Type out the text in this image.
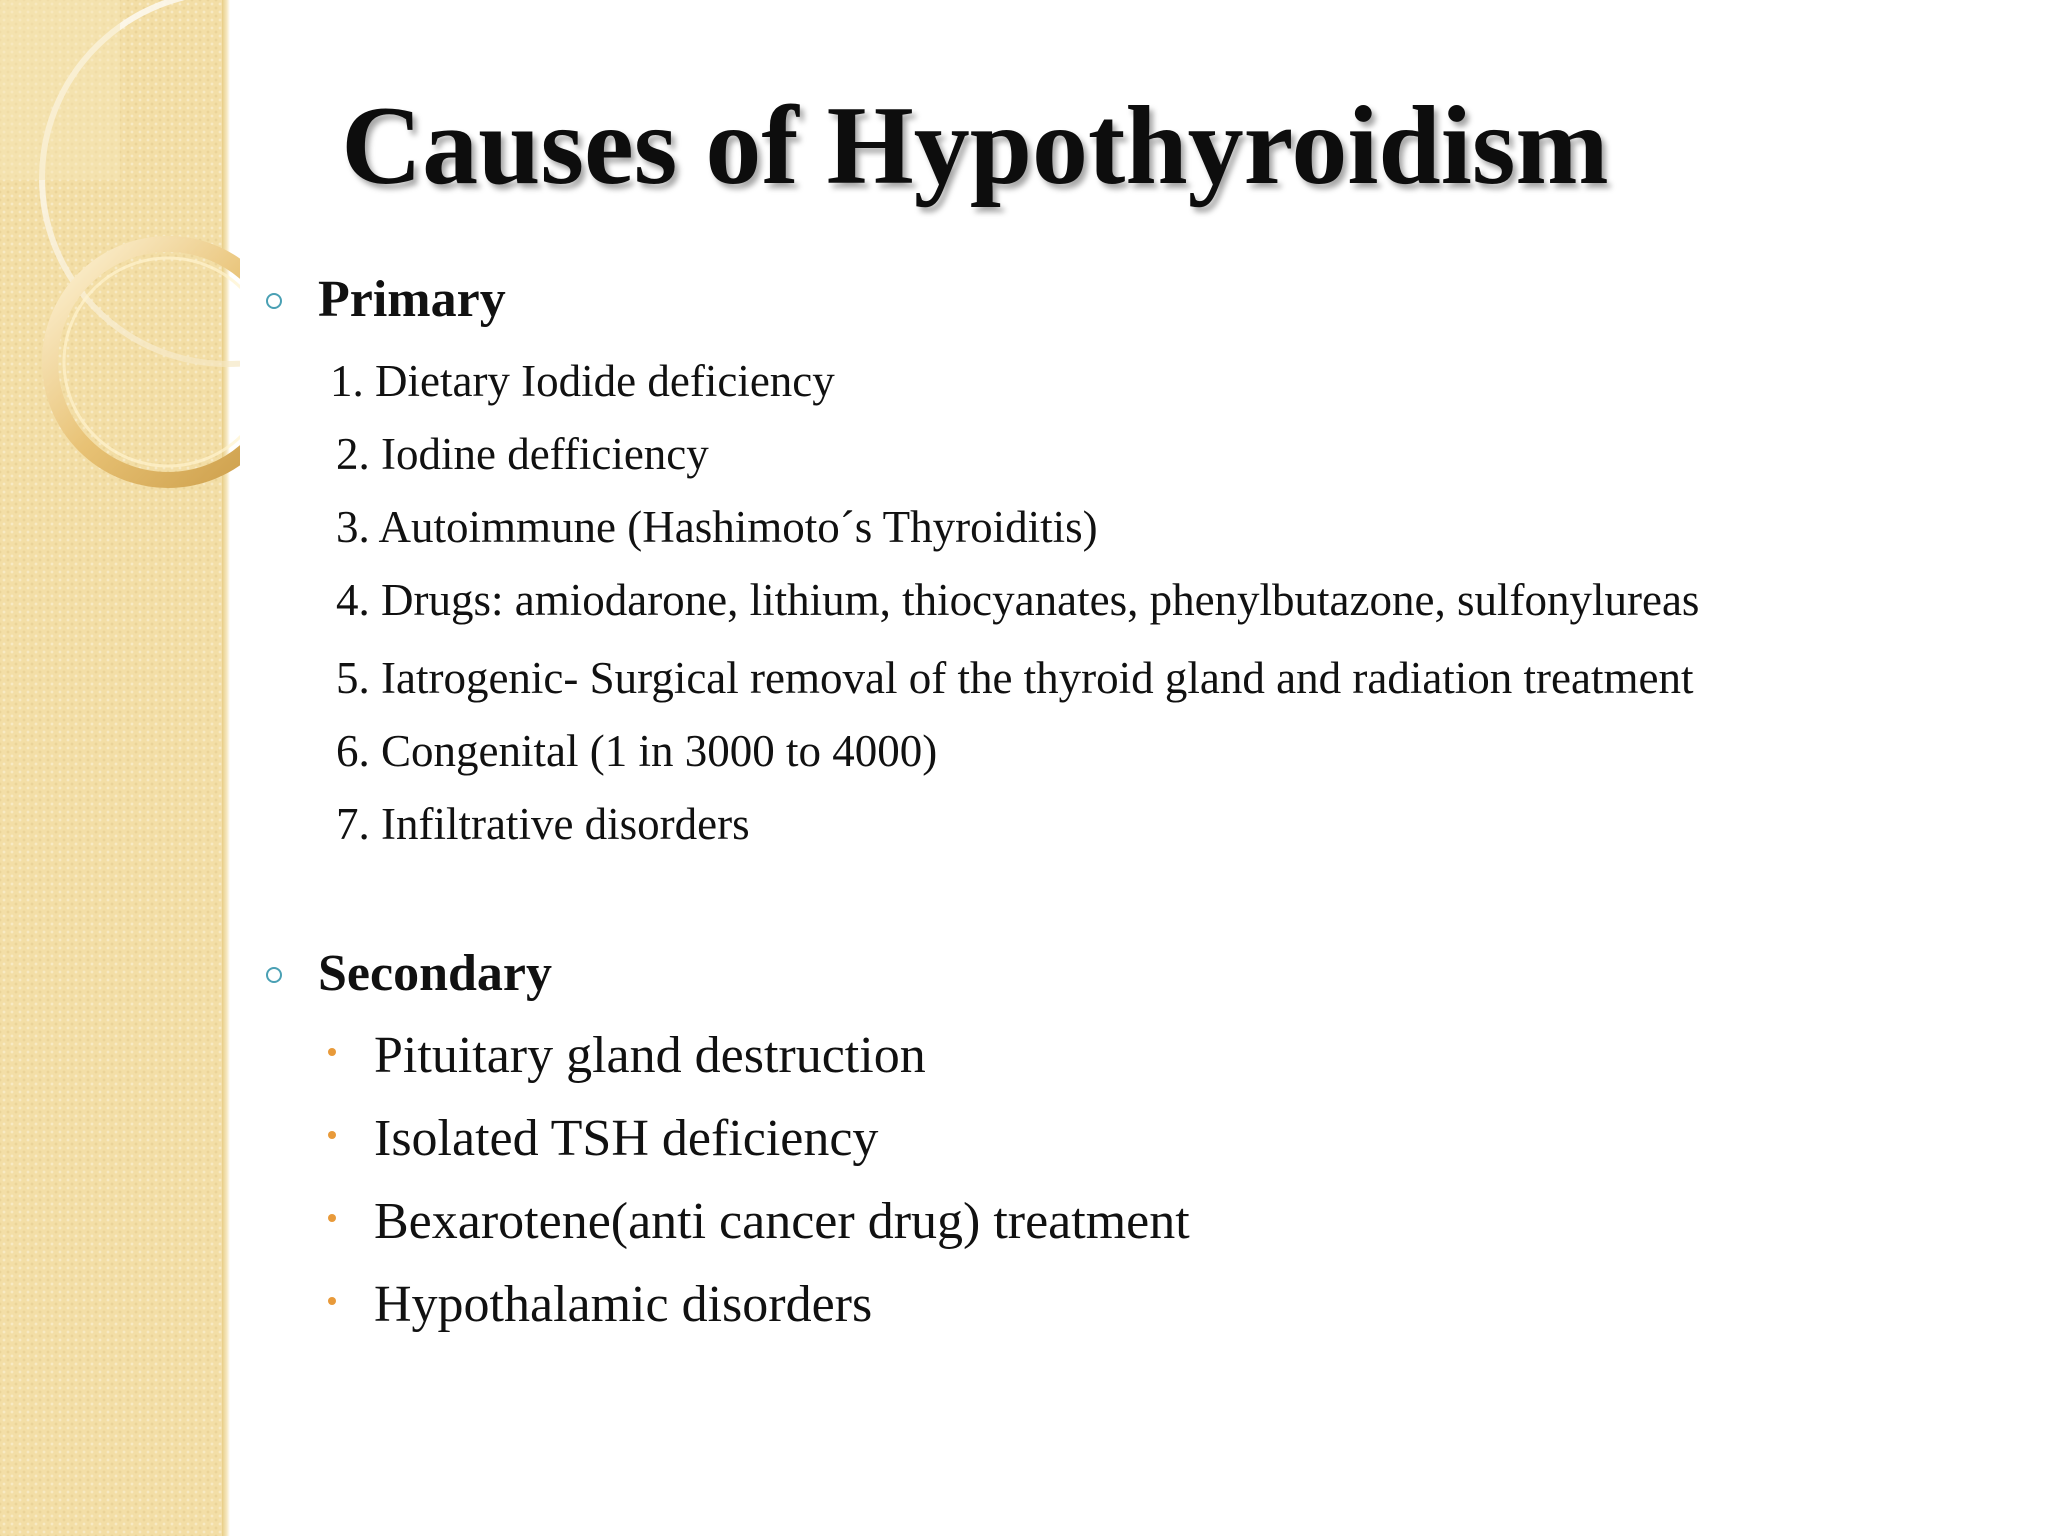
Causes of Hypothyroidism
Primary
1. Dietary Iodide deficiency
2. Iodine defficiency
3. Autoimmune (Hashimoto´s Thyroiditis)
4. Drugs: amiodarone, lithium, thiocyanates, phenylbutazone, sulfonylureas
5. Iatrogenic- Surgical removal of the thyroid gland and radiation treatment
6. Congenital (1 in 3000 to 4000)
7. Infiltrative disorders
Secondary
Pituitary gland destruction
Isolated TSH deficiency
Bexarotene(anti cancer drug) treatment
Hypothalamic disorders
